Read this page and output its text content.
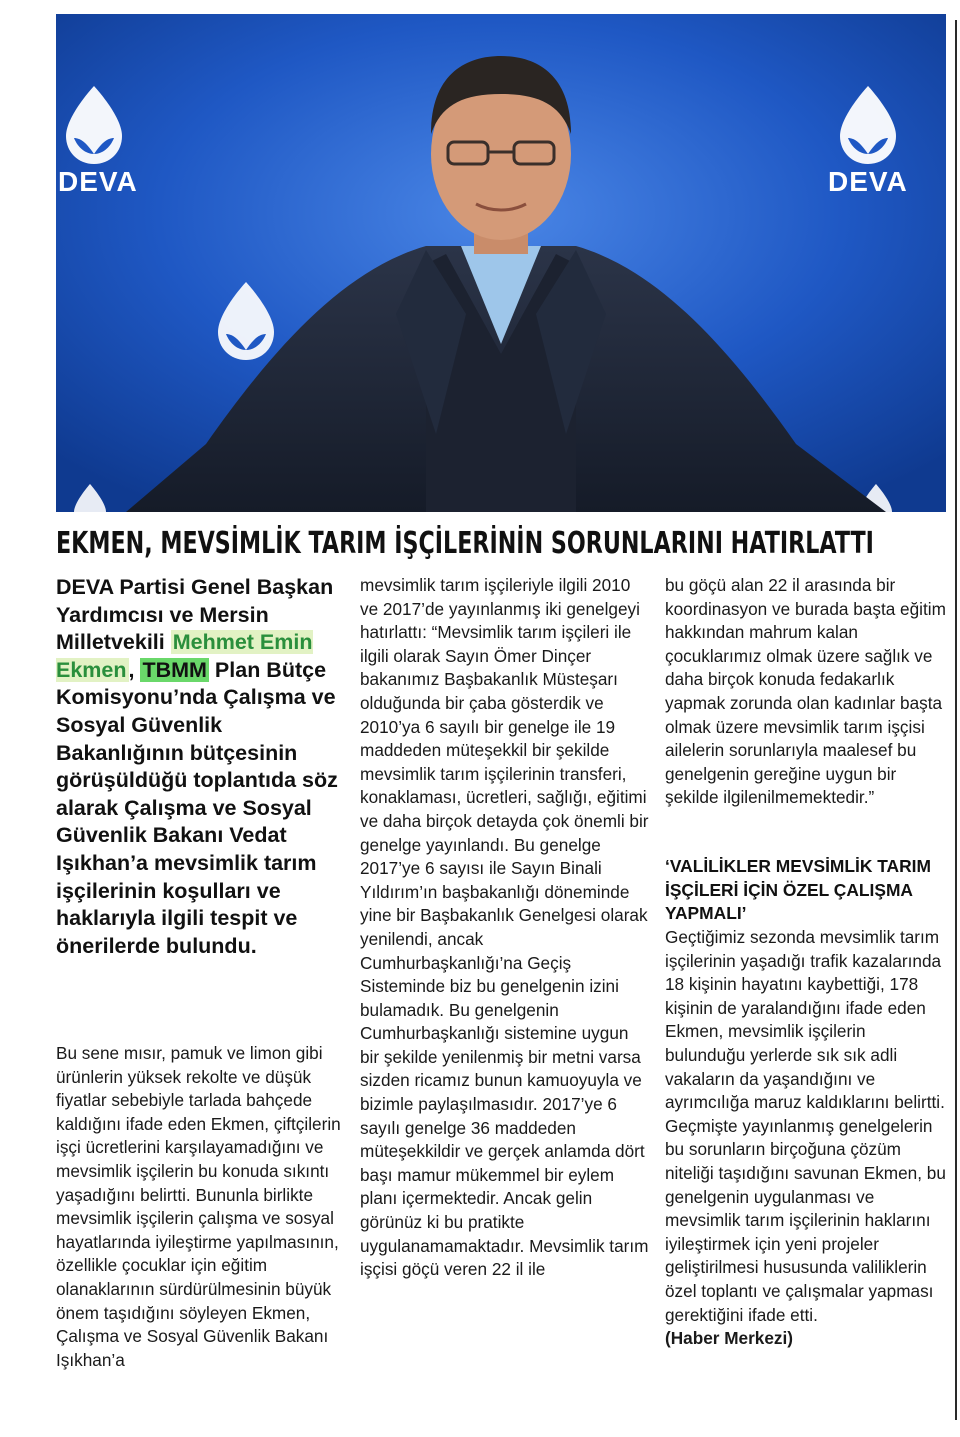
DEVA	DEVA
EKMEN, MEVSİMLİK TARIM İŞÇİLERİNİN SORUNLARINI HATIRLATTI
DEVA Partisi Genel Başkan Yardımcısı ve Mersin Milletvekili Mehmet Emin Ekmen, TBMM Plan Bütçe Komisyonu’nda Çalışma ve Sosyal Güvenlik Bakanlığının bütçesinin görüşüldüğü toplantıda söz alarak Çalışma ve Sosyal Güvenlik Bakanı Vedat Işıkhan’a mevsimlik tarım işçilerinin koşulları ve haklarıyla ilgili tespit ve önerilerde bulundu.

Bu sene mısır, pamuk ve limon gibi ürünlerin yüksek rekolte ve düşük fiyatlar sebebiyle tarlada bahçede kaldığını ifade eden Ekmen, çiftçilerin işçi ücretlerini karşılayamadığını ve mevsimlik işçilerin bu konuda sıkıntı yaşadığını belirtti. Bununla birlikte mevsimlik işçilerin çalışma ve sosyal hayatlarında iyileştirme yapılmasının, özellikle çocuklar için eğitim olanaklarının sürdürülmesinin büyük önem taşıdığını söyleyen Ekmen, Çalışma ve Sosyal Güvenlik Bakanı Işıkhan’a

mevsimlik tarım işçileriyle ilgili 2010 ve 2017’de yayınlanmış iki genelgeyi hatırlattı: “Mevsimlik tarım işçileri ile ilgili olarak Sayın Ömer Dinçer bakanımız Başbakanlık Müsteşarı olduğunda bir çaba gösterdik ve 2010’ya 6 sayılı bir genelge ile 19 maddeden müteşekkil bir şekilde mevsimlik tarım işçilerinin transferi, konaklaması, ücretleri, sağlığı, eğitimi ve daha birçok detayda çok önemli bir genelge yayınlandı. Bu genelge 2017’ye 6 sayısı ile Sayın Binali Yıldırım’ın başbakanlığı döneminde yine bir Başbakanlık Genelgesi olarak yenilendi, ancak Cumhurbaşkanlığı’na Geçiş Sisteminde biz bu genelgenin izini bulamadık. Bu genelgenin Cumhurbaşkanlığı sistemine uygun bir şekilde yenilenmiş bir metni varsa sizden ricamız bunun kamuoyuyla ve bizimle paylaşılmasıdır. 2017’ye 6 sayılı genelge 36 maddeden müteşekkildir ve gerçek anlamda dört başı mamur mükemmel bir eylem planı içermektedir. Ancak gelin görünüz ki bu pratikte uygulanamamaktadır. Mevsimlik tarım işçisi göçü veren 22 il ile

bu göçü alan 22 il arasında bir koordinasyon ve burada başta eğitim hakkından mahrum kalan çocuklarımız olmak üzere sağlık ve daha birçok konuda fedakarlık yapmak zorunda olan kadınlar başta olmak üzere mevsimlik tarım işçisi ailelerin sorunlarıyla maalesef bu genelgenin gereğine uygun bir şekilde ilgilenilmemektedir.”

‘VALİLİKLER MEVSİMLİK TARIM İŞÇİLERİ İÇİN ÖZEL ÇALIŞMA YAPMALI’

Geçtiğimiz sezonda mevsimlik tarım işçilerinin yaşadığı trafik kazalarında 18 kişinin hayatını kaybettiği, 178 kişinin de yaralandığını ifade eden Ekmen, mevsimlik işçilerin bulunduğu yerlerde sık sık adli vakaların da yaşandığını ve ayrımcılığa maruz kaldıklarını belirtti. Geçmişte yayınlanmış genelgelerin bu sorunların birçoğuna çözüm niteliği taşıdığını savunan Ekmen, bu genelgenin uygulanması ve mevsimlik tarım işçilerinin haklarını iyileştirmek için yeni projeler geliştirilmesi hususunda valiliklerin özel toplantı ve çalışmalar yapması gerektiğini ifade etti.

(Haber Merkezi)
